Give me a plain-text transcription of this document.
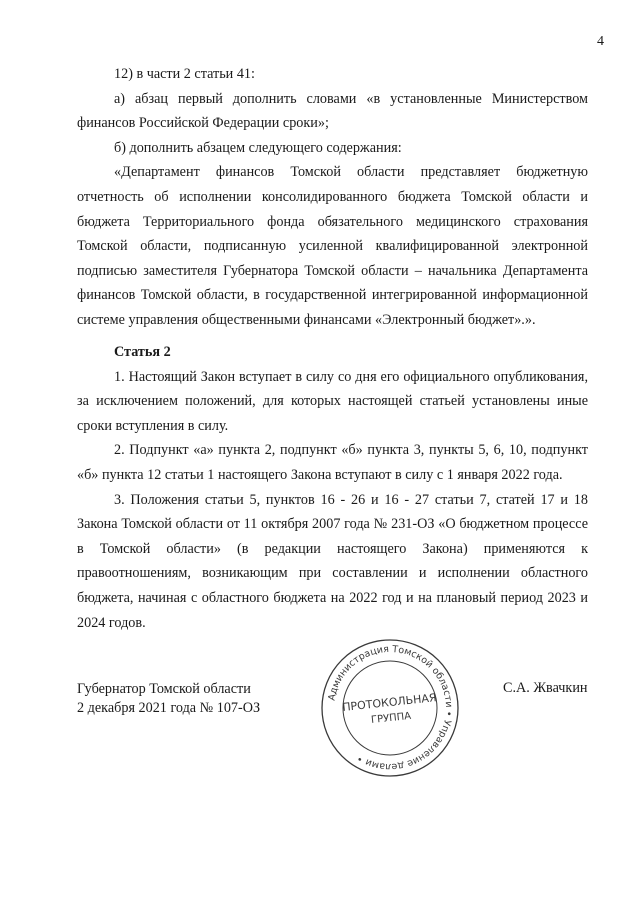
4

12) в части 2 статьи 41:

а) абзац первый дополнить словами «в установленные Министерством финансов Российской Федерации сроки»;

б) дополнить абзацем следующего содержания:

«Департамент финансов Томской области представляет бюджетную отчетность об исполнении консолидированного бюджета Томской области и бюджета Территориального фонда обязательного медицинского страхования Томской области, подписанную усиленной квалифицированной электронной подписью заместителя Губернатора Томской области – начальника Департамента финансов Томской области, в государственной интегрированной информационной системе управления общественными финансами «Электронный бюджет».».

Статья 2

1. Настоящий Закон вступает в силу со дня его официального опубликования, за исключением положений, для которых настоящей статьей установлены иные сроки вступления в силу.

2. Подпункт «а» пункта 2, подпункт «б» пункта 3, пункты 5, 6, 10, подпункт «б» пункта 12 статьи 1 настоящего Закона вступают в силу с 1 января 2022 года.

3. Положения статьи 5, пунктов 16 - 26 и 16 - 27 статьи 7, статей 17 и 18 Закона Томской области от 11 октября 2007 года № 231-ОЗ «О бюджетном процессе в Томской области» (в редакции настоящего Закона) применяются к правоотношениям, возникающим при составлении и исполнении областного бюджета, начиная с областного бюджета на 2022 год и на плановый период 2023 и 2024 годов.

Губернатор Томской области
2 декабря 2021 года № 107-ОЗ
С.А. Жвачкин
Администрация Томской области • Управление делами •
ПРОТОКОЛЬНАЯ
ГРУППА
